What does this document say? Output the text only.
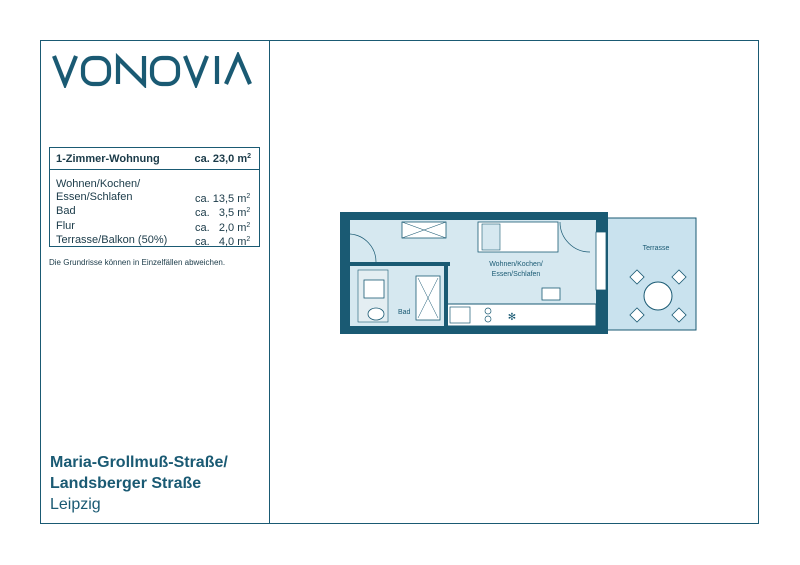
1-Zimmer-Wohnung	ca. 23,0 $m^2$
Wohnen/Kochen/
Essen/Schlafen	ca. 13,5 $m^2$
Bad	ca.   3,5 $m^2$
Flur	ca.   2,0 $m^2$
Terrasse/Balkon (50%)	ca.   4,0 $m^2$
Die Grundrisse können in Einzelfällen abweichen.
Maria-Grollmuß-Straße/
Landsberger Straße
Leipzig
✻
Wohnen/Kochen/
Essen/Schlafen
Bad
Terrasse
